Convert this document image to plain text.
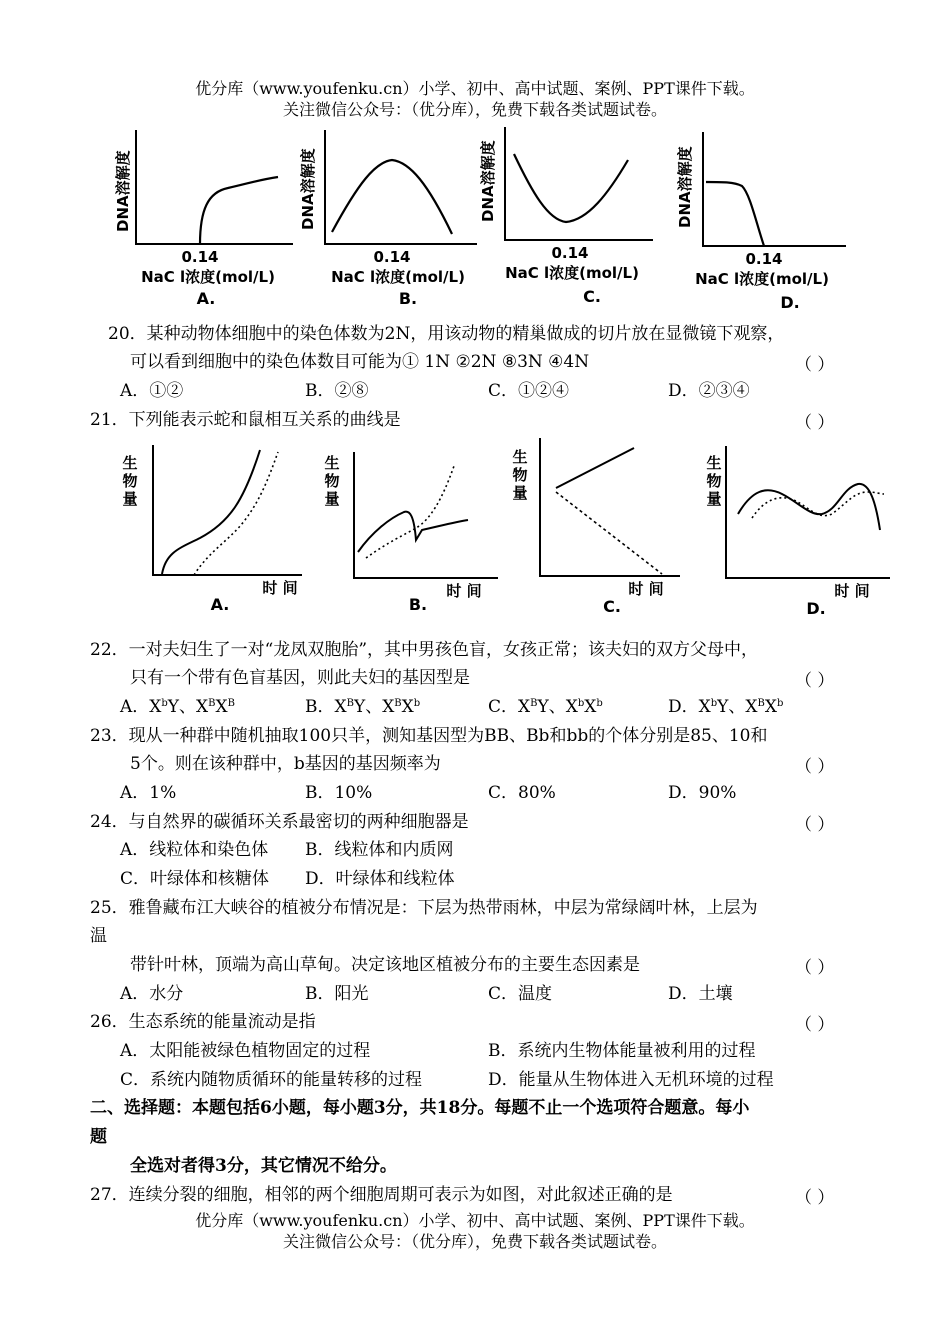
优分库（www.youfenku.cn）小学、初中、高中试题、案例、PPT课件下载。
关注微信公众号：（优分库），免费下载各类试题试卷。
DNA溶解度
0.14
NaC l浓度(mol/L)
A.
DNA溶解度
0.14
NaC l浓度(mol/L)
B.
DNA溶解度
0.14
NaC l浓度(mol/L)
C.
DNA溶解度
0.14
NaC l浓度(mol/L)
D.
20．某种动物体细胞中的染色体数为2N，用该动物的精巢做成的切片放在显微镜下观察，
可以看到细胞中的染色体数目可能为① 1N ②2N ⑧3N ④4N	（ ）
A．①②	B．②⑧	C．①②④	D．②③④
21．下列能表示蛇和鼠相互关系的曲线是	（ ）
生
物
量
时 间
A.
生
物
量
时 间
B.
生
物
量
时 间
C.
生
物
量
时 间
D.
22．一对夫妇生了一对“龙凤双胞胎”，其中男孩色盲，女孩正常；该夫妇的双方父母中，
只有一个带有色盲基因，则此夫妇的基因型是	（ ）
A．$X^bY$、$X^BX^B$	B．$X^BY$、$X^BX^b$	C．$X^BY$、$X^bX^b$	D．$X^bY$、$X^BX^b$
23．现从一种群中随机抽取100只羊，测知基因型为BB、Bb和bb的个体分别是85、10和
5个。则在该种群中，b基因的基因频率为	（ ）
A．1%	B．10%	C．80%	D．90%
24．与自然界的碳循环关系最密切的两种细胞器是	（ ）
A．线粒体和染色体 B．线粒体和内质网
C．叶绿体和核糖体 D．叶绿体和线粒体
25．雅鲁藏布江大峡谷的植被分布情况是：下层为热带雨林，中层为常绿阔叶林，上层为
温
带针叶林，顶端为高山草甸。决定该地区植被分布的主要生态因素是	（ ）
A．水分	B．阳光	C．温度	D．土壤
26．生态系统的能量流动是指	（ ）
A．太阳能被绿色植物固定的过程	B．系统内生物体能量被利用的过程
C．系统内随物质循环的能量转移的过程	D．能量从生物体进入无机环境的过程
二、选择题：本题包括6小题，每小题3分，共18分。每题不止一个选项符合题意。每小
题
全选对者得3分，其它情况不给分。
27．连续分裂的细胞，相邻的两个细胞周期可表示为如图，对此叙述正确的是	（ ）
优分库（www.youfenku.cn）小学、初中、高中试题、案例、PPT课件下载。
关注微信公众号：（优分库），免费下载各类试题试卷。
